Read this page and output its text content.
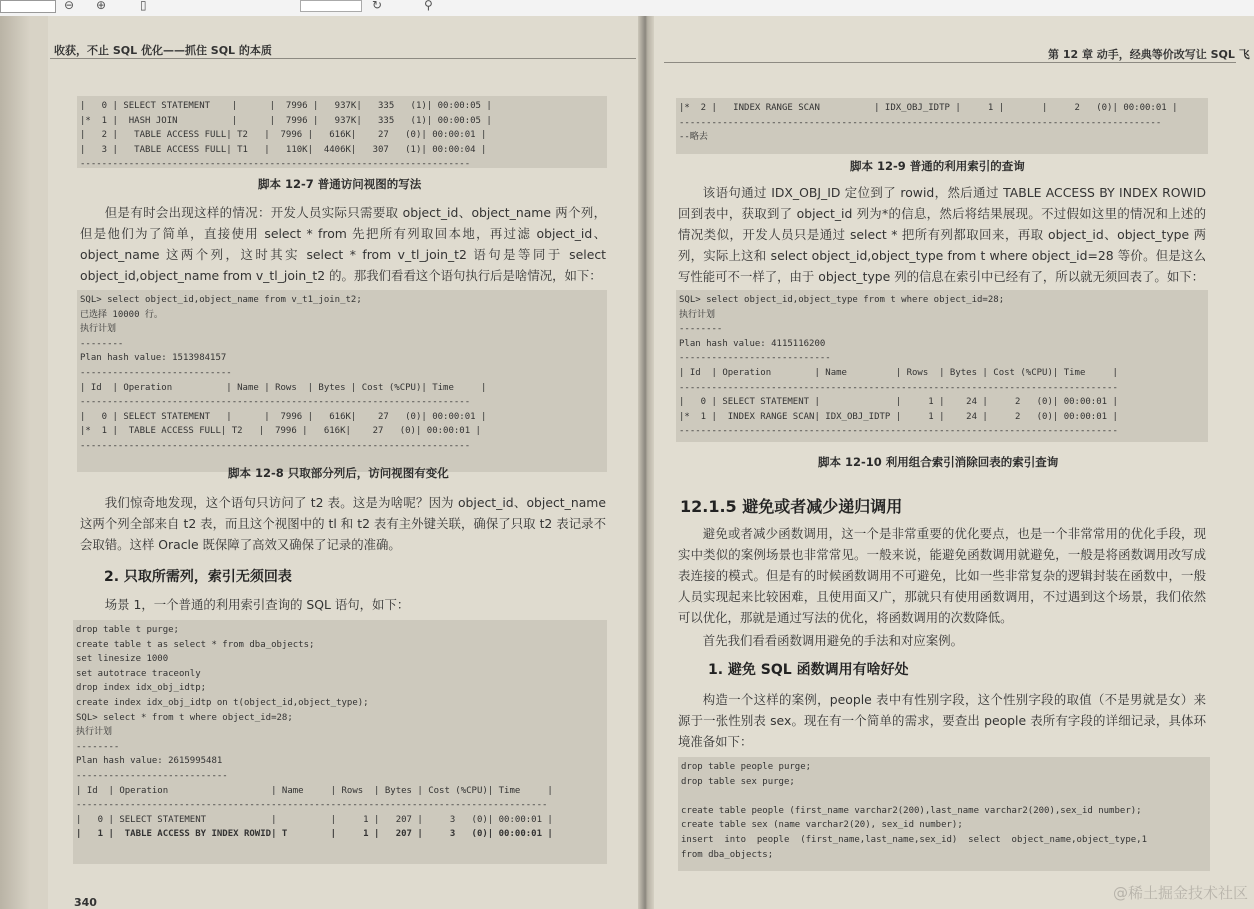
⊖ ⊕	▯	↻	⚲
收获，不止 SQL 优化——抓住 SQL 的本质
|   0 | SELECT STATEMENT    |      |  7996 |   937K|   335   (1)| 00:00:05 |
|*  1 |  HASH JOIN          |      |  7996 |   937K|   335   (1)| 00:00:05 |
|   2 |   TABLE ACCESS FULL| T2   |  7996 |   616K|    27   (0)| 00:00:01 |
|   3 |   TABLE ACCESS FULL| T1   |   110K|  4406K|   307   (1)| 00:00:04 |
------------------------------------------------------------------------
脚本 12-7 普通访问视图的写法

但是有时会出现这样的情况：开发人员实际只需要取 object_id、object_name 两个列，但是他们为了简单，直接使用 select * from 先把所有列取回本地，再过滤 object_id、object_name 这两个列，这时其实 select * from v_tl_join_t2 语句是等同于 select object_id,object_name from v_tl_join_t2 的。那我们看看这个语句执行后是啥情况，如下：

SQL> select object_id,object_name from v_t1_join_t2;
已选择 10000 行。
执行计划
--------
Plan hash value: 1513984157
----------------------------
| Id  | Operation          | Name | Rows  | Bytes | Cost (%CPU)| Time     |
------------------------------------------------------------------------
|   0 | SELECT STATEMENT   |      |  7996 |   616K|    27   (0)| 00:00:01 |
|*  1 |  TABLE ACCESS FULL| T2   |  7996 |   616K|    27   (0)| 00:00:01 |
------------------------------------------------------------------------
脚本 12-8 只取部分列后，访问视图有变化

我们惊奇地发现，这个语句只访问了 t2 表。这是为啥呢？因为 object_id、object_name 这两个列全部来自 t2 表，而且这个视图中的 tl 和 t2 表有主外键关联，确保了只取 t2 表记录不会取错。这样 Oracle 既保障了高效又确保了记录的准确。

2. 只取所需列，索引无须回表

场景 1，一个普通的利用索引查询的 SQL 语句，如下：

drop table t purge;
create table t as select * from dba_objects;
set linesize 1000
set autotrace traceonly
drop index idx_obj_idtp;
create index idx_obj_idtp on t(object_id,object_type);
SQL> select * from t where object_id=28;
执行计划
--------
Plan hash value: 2615995481
----------------------------
| Id  | Operation                   | Name     | Rows  | Bytes | Cost (%CPU)| Time     |
---------------------------------------------------------------------------------------
|   0 | SELECT STATEMENT            |          |     1 |   207 |     3   (0)| 00:00:01 |
|   1 |  TABLE ACCESS BY INDEX ROWID| T        |     1 |   207 |     3   (0)| 00:00:01 |
340
第 12 章 动手，经典等价改写让 SQL 飞
|*  2 |   INDEX RANGE SCAN          | IDX_OBJ_IDTP |     1 |       |     2   (0)| 00:00:01 |
-----------------------------------------------------------------------------------------
--略去
脚本 12-9 普通的利用索引的查询

该语句通过 IDX_OBJ_ID 定位到了 rowid，然后通过 TABLE ACCESS BY INDEX ROWID 回到表中，获取到了 object_id 列为*的信息，然后将结果展现。不过假如这里的情况和上述的情况类似，开发人员只是通过 select * 把所有列都取回来，再取 object_id、object_type 两列，实际上这和 select object_id,object_type from t where object_id=28 等价。但是这么写性能可不一样了，由于 object_type 列的信息在索引中已经有了，所以就无须回表了。如下：

SQL> select object_id,object_type from t where object_id=28;
执行计划
--------
Plan hash value: 4115116200
----------------------------
| Id  | Operation        | Name         | Rows  | Bytes | Cost (%CPU)| Time     |
---------------------------------------------------------------------------------
|   0 | SELECT STATEMENT |              |     1 |    24 |     2   (0)| 00:00:01 |
|*  1 |  INDEX RANGE SCAN| IDX_OBJ_IDTP |     1 |    24 |     2   (0)| 00:00:01 |
---------------------------------------------------------------------------------
脚本 12-10 利用组合索引消除回表的索引查询
12.1.5 避免或者减少递归调用

避免或者减少函数调用，这一个是非常重要的优化要点，也是一个非常常用的优化手段，现实中类似的案例场景也非常常见。一般来说，能避免函数调用就避免，一般是将函数调用改写成表连接的模式。但是有的时候函数调用不可避免，比如一些非常复杂的逻辑封装在函数中，一般人员实现起来比较困难，且使用面又广，那就只有使用函数调用，不过遇到这个场景，我们依然可以优化，那就是通过写法的优化，将函数调用的次数降低。

首先我们看看函数调用避免的手法和对应案例。

1. 避免 SQL 函数调用有啥好处

构造一个这样的案例，people 表中有性别字段，这个性别字段的取值（不是男就是女）来源于一张性别表 sex。现在有一个简单的需求，要查出 people 表所有字段的详细记录，具体环境准备如下：

drop table people purge;
drop table sex purge;
create table people (first_name varchar2(200),last_name varchar2(200),sex_id number);
create table sex (name varchar2(20), sex_id number);
insert  into  people  (first_name,last_name,sex_id)  select  object_name,object_type,1
from dba_objects;
@稀土掘金技术社区
